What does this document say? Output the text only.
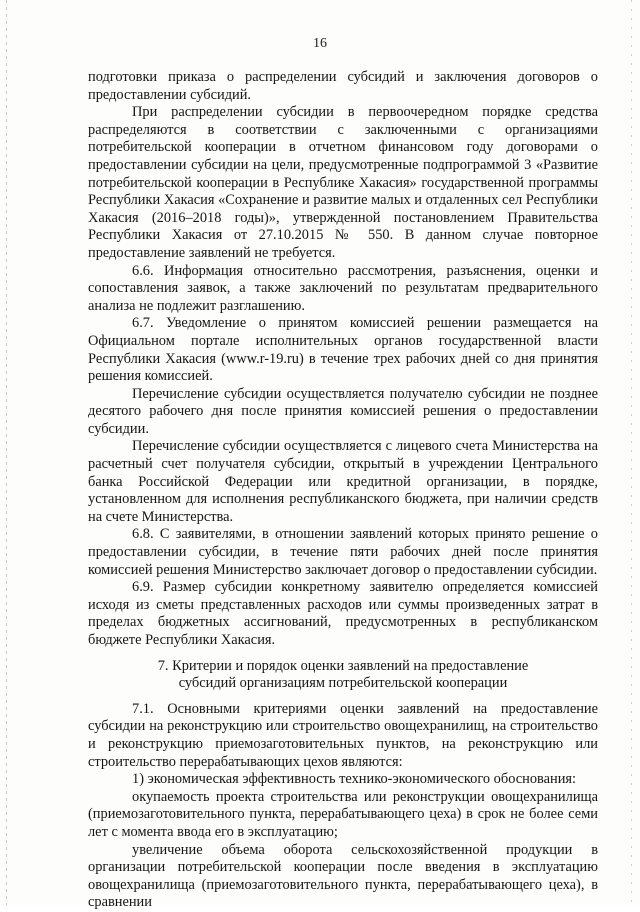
16

подготовки приказа о распределении субсидий и заключения договоров о предоставлении субсидий.

При распределении субсидии в первоочередном порядке средства распределяются в соответствии с заключенными с организациями потребительской кооперации в отчетном финансовом году договорами о предоставлении субсидии на цели, предусмотренные подпрограммой 3 «Развитие потребительской кооперации в Республике Хакасия» государственной программы Республики Хакасия «Сохранение и развитие малых и отдаленных сел Республики Хакасия (2016–2018 годы)», утвержденной постановлением Правительства Республики Хакасия от 27.10.2015 № 550. В данном случае повторное предоставление заявлений не требуется.

6.6. Информация относительно рассмотрения, разъяснения, оценки и сопоставления заявок, а также заключений по результатам предварительного анализа не подлежит разглашению.

6.7. Уведомление о принятом комиссией решении размещается на Официальном портале исполнительных органов государственной власти Республики Хакасия (www.r-19.ru) в течение трех рабочих дней со дня принятия решения комиссией.

Перечисление субсидии осуществляется получателю субсидии не позднее десятого рабочего дня после принятия комиссией решения о предоставлении субсидии.

Перечисление субсидии осуществляется с лицевого счета Министерства на расчетный счет получателя субсидии, открытый в учреждении Центрального банка Российской Федерации или кредитной организации, в порядке, установленном для исполнения республиканского бюджета, при наличии средств на счете Министерства.

6.8. С заявителями, в отношении заявлений которых принято решение о предоставлении субсидии, в течение пяти рабочих дней после принятия комиссией решения Министерство заключает договор о предоставлении субсидии.

6.9. Размер субсидии конкретному заявителю определяется комиссией исходя из сметы представленных расходов или суммы произведенных затрат в пределах бюджетных ассигнований, предусмотренных в республиканском бюджете Республики Хакасия.

7. Критерии и порядок оценки заявлений на предоставление
субсидий организациям потребительской кооперации

7.1. Основными критериями оценки заявлений на предоставление субсидии на реконструкцию или строительство овощехранилищ, на строительство и реконструкцию приемозаготовительных пунктов, на реконструкцию или строительство перерабатывающих цехов являются:

1) экономическая эффективность технико-экономического обоснования:

окупаемость проекта строительства или реконструкции овощехранилища (приемозаготовительного пункта, перерабатывающего цеха) в срок не более семи лет с момента ввода его в эксплуатацию;

увеличение объема оборота сельскохозяйственной продукции в организации потребительской кооперации после введения в эксплуатацию овощехранилища (приемозаготовительного пункта, перерабатывающего цеха), в сравнении
